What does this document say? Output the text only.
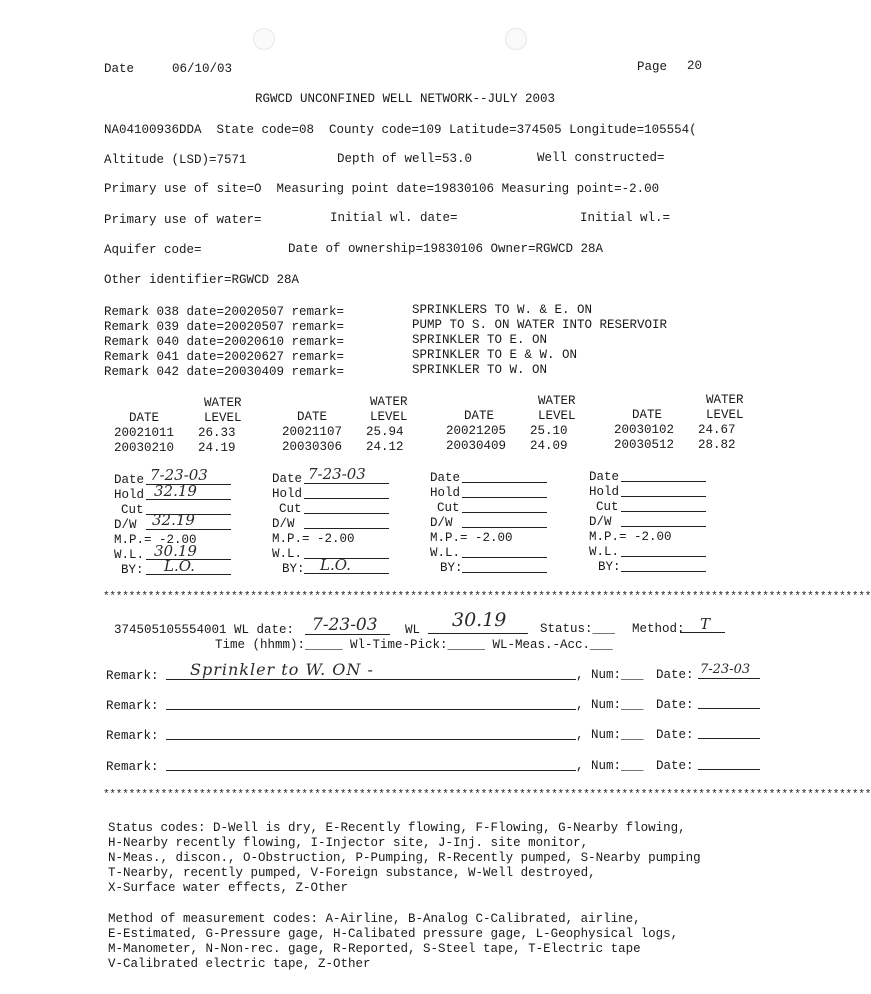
Date	06/10/03	Page 20
RGWCD UNCONFINED WELL NETWORK--JULY 2003
NA04100936DDA  State code=08  County code=109 Latitude=374505 Longitude=105554(
Altitude (LSD)=7571	Depth of well=53.0	Well constructed=
Primary use of site=O  Measuring point date=19830106 Measuring point=-2.00
Primary use of water=	Initial wl. date=	Initial wl.=
Aquifer code=	Date of ownership=19830106 Owner=RGWCD 28A
Other identifier=RGWCD 28A
Remark 038 date=20020507 remark=	SPRINKLERS TO W. & E. ON
Remark 039 date=20020507 remark=	PUMP TO S. ON WATER INTO RESERVOIR
Remark 040 date=20020610 remark=	SPRINKLER TO E. ON
Remark 041 date=20020627 remark=	SPRINKLER TO E & W. ON
Remark 042 date=20030409 remark=	SPRINKLER TO W. ON
WATER	WATER	WATER	WATER
DATE	LEVEL	DATE	LEVEL	DATE	LEVEL	DATE	LEVEL
20021011 26.33	20021107 25.94	20021205 25.10	20030102 24.67
20030210 24.19	20030306 24.12	20030409 24.09	20030512 28.82
Date 7-23-03
Hold 32.19
Cut
D/W 32.19
M.P.= -2.00
W.L. 30.19
BY: L.O.
Date 7-23-03
Hold
Cut
D/W
M.P.= -2.00
W.L.
BY: L.O.
Date
Hold
Cut
D/W
M.P.= -2.00
W.L.
BY:
Date
Hold
Cut
D/W
M.P.= -2.00
W.L.
BY:
************************************************************************************************************************
374505105554001 WL date: 7-23-03 WL 30.19	Status:___ Method: T
Time (hhmm):_____ Wl-Time-Pick:_____ WL-Meas.-Acc.___
Remark: Sprinkler to W. ON -	, Num:___ Date: 7-23-03
Remark:	, Num:___ Date:
Remark:	, Num:___ Date:
Remark:	, Num:___ Date:
************************************************************************************************************************
Status codes: D-Well is dry, E-Recently flowing, F-Flowing, G-Nearby flowing,
H-Nearby recently flowing, I-Injector site, J-Inj. site monitor,
N-Meas., discon., O-Obstruction, P-Pumping, R-Recently pumped, S-Nearby pumping
T-Nearby, recently pumped, V-Foreign substance, W-Well destroyed,
X-Surface water effects, Z-Other
Method of measurement codes: A-Airline, B-Analog C-Calibrated, airline,
E-Estimated, G-Pressure gage, H-Calibated pressure gage, L-Geophysical logs,
M-Manometer, N-Non-rec. gage, R-Reported, S-Steel tape, T-Electric tape
V-Calibrated electric tape, Z-Other
